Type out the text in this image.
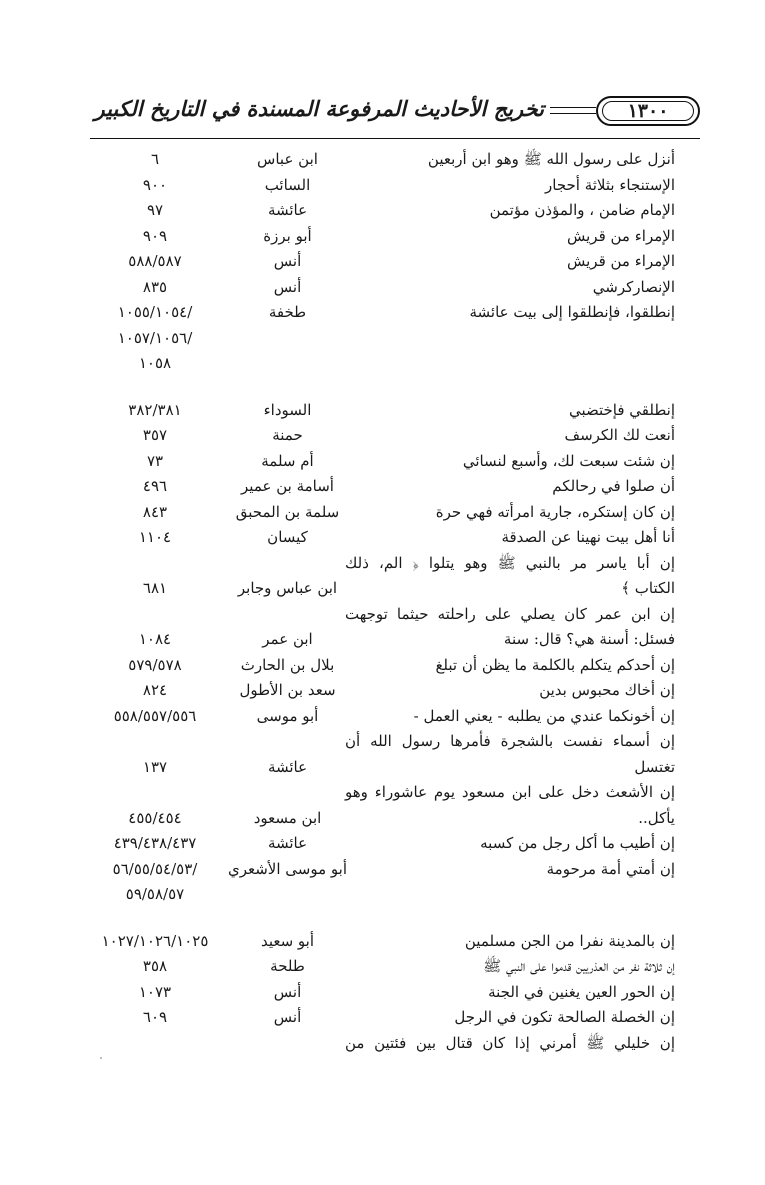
١٣٠٠
تخريج الأحاديث المرفوعة المسندة في التاريخ الكبير
أنزل على رسول الله ﷺ وهو ابن أربعين
ابن عباس
٦
الإستنجاء بثلاثة أحجار
السائب
٩٠٠
الإمام ضامن ، والمؤذن مؤتمن
عائشة
٩٧
الإمراء من قريش
أبو برزة
٩٠٩
الإمراء من قريش
أنس
٥٨٨/٥٨٧
الإنصاركرشي
أنس
٨٣٥
إنطلقوا، فإنطلقوا إلى بيت عائشة
طخفة
/١٠٥٥/١٠٥٤
/١٠٥٧/١٠٥٦
١٠٥٨
إنطلقي فإختضبي
السوداء
٣٨٢/٣٨١
أنعت لك الكرسف
حمنة
٣٥٧
إن شئت سبعت لك، وأسبع لنسائي
أم سلمة
٧٣
أن صلوا في رحالكم
أسامة بن عمير
٤٩٦
إن كان إستكره، جارية امرأته فهي حرة
سلمة بن المحبق
٨٤٣
أنا أهل بيت نهينا عن الصدقة
كيسان
١١٠٤
إن أبا ياسر مر بالنبي ﷺ وهو يتلوا ﴿ الم، ذلك
الكتاب ﴾
ابن عباس وجابر
٦٨١
إن ابن عمر كان يصلي على راحلته حيثما توجهت
فسئل: أسنة هي؟ قال: سنة
ابن عمر
١٠٨٤
إن أحدكم يتكلم بالكلمة ما يظن أن تبلغ
بلال بن الحارث
٥٧٩/٥٧٨
إن أخاك محبوس بدين
سعد بن الأطول
٨٢٤
إن أخونكما عندي من يطلبه - يعني العمل -
أبو موسى
٥٥٨/٥٥٧/٥٥٦
إن أسماء نفست بالشجرة فأمرها رسول الله أن
تغتسل
عائشة
١٣٧
إن الأشعث دخل على ابن مسعود يوم عاشوراء وهو
يأكل..
ابن مسعود
٤٥٥/٤٥٤
إن أطيب ما أكل رجل من كسبه
عائشة
٤٣٩/٤٣٨/٤٣٧
إن أمتي أمة مرحومة
أبو موسى الأشعري
/٥٦/٥٥/٥٤/٥٣
٥٩/٥٨/٥٧
إن بالمدينة نفرا من الجن مسلمين
أبو سعيد
١٠٢٧/١٠٢٦/١٠٢٥
إن ثلاثة نفر من العذريين قدموا على النبي ﷺ
طلحة
٣٥٨
إن الحور العين يغنين في الجنة
أنس
١٠٧٣
إن الخصلة الصالحة تكون في الرجل
أنس
٦٠٩
إن خليلي ﷺ أمرني إذا كان قتال بين فئتين من
